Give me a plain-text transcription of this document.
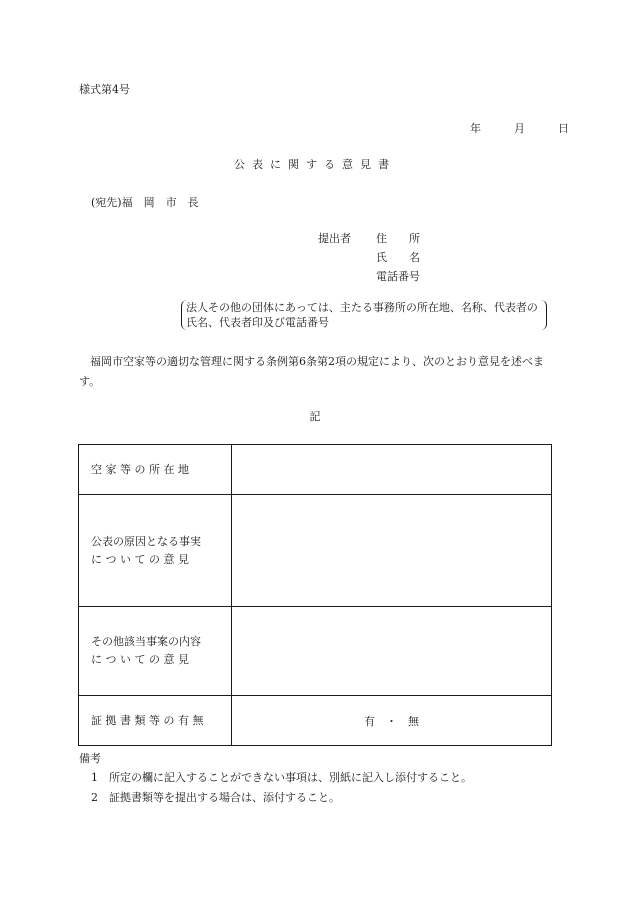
様式第4号
年	月	日
公表に関する意見書
(宛先)福　岡　市　長
提出者 住　　所
氏　　名
電話番号
法人その他の団体にあっては、主たる事務所の所在地、名称、代表者の氏名、代表者印及び電話番号
福岡市空家等の適切な管理に関する条例第6条第2項の規定により、次のとおり意見を述べます。
記
空 家 等 の 所 在 地	

公表の原因となる事実
に つ い て の 意 見	

その他該当事案の内容
に つ い て の 意 見	

証 拠 書 類 等 の 有 無	有　・　無
備考
1　所定の欄に記入することができない事項は、別紙に記入し添付すること。
2　証拠書類等を提出する場合は、添付すること。
